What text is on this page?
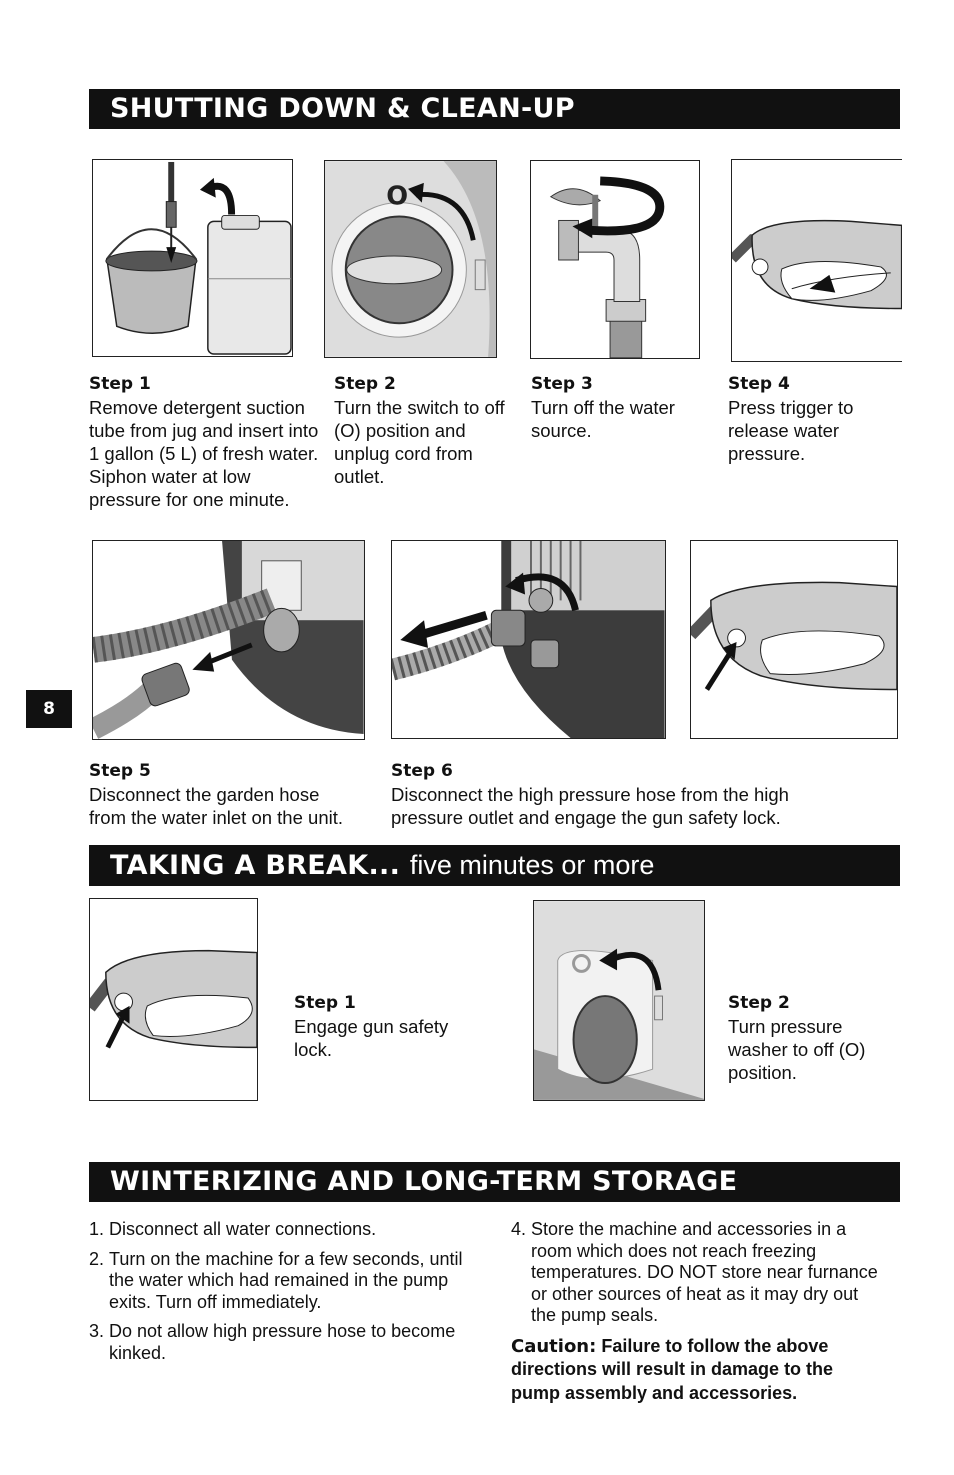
SHUTTING DOWN & CLEAN-UP
O
Step 1
Remove detergent suction tube from jug and insert into 1 gallon (5 L) of fresh water. Siphon water at low pressure for one minute.
Step 2
Turn the switch to off (O) position and unplug cord from outlet.
Step 3
Turn off the water source.
Step 4
Press trigger to release water pressure.
Step 5
Disconnect the garden hose from the water inlet on the unit.
Step 6
Disconnect the high pressure hose from the high pressure outlet and engage the gun safety lock.
8
TAKING A BREAK... five minutes or more
Step 1
Engage gun safety lock.
Step 2
Turn pressure washer to off (O) position.
WINTERIZING AND LONG-TERM STORAGE
1. Disconnect all water connections.
2. Turn on the machine for a few seconds, until the water which had remained in the pump exits. Turn off immediately.
3. Do not allow high pressure hose to become kinked.
4. Store the machine and accessories in a room which does not reach freezing temperatures. DO NOT store near furnance or other sources of heat as it may dry out the pump seals.
Caution: Failure to follow the above directions will result in damage to the pump assembly and accessories.
